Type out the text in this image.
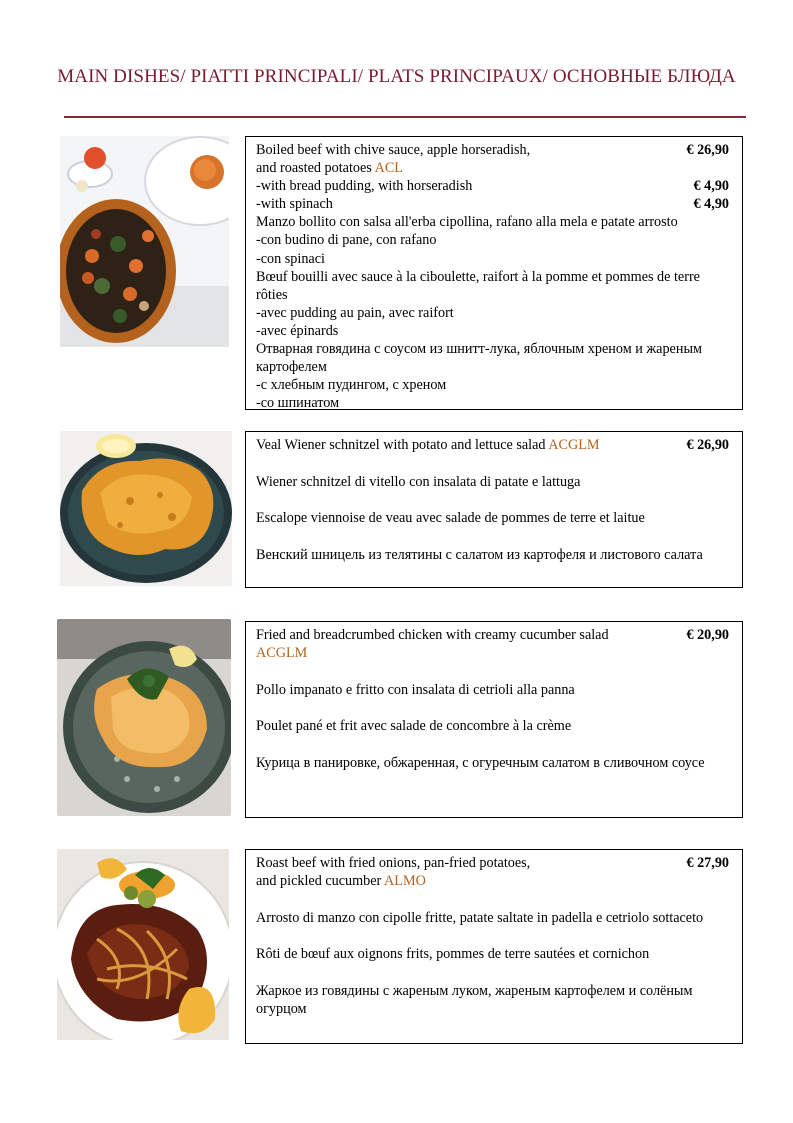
MAIN DISHES/ PIATTI PRINCIPALI/ PLATS PRINCIPAUX/ ОСНОВНЫЕ БЛЮДА
Boiled beef with chive sauce, apple horseradish,	€ 26,90
and roasted potatoes ACL
-with bread pudding, with horseradish	€ 4,90
-with spinach	€ 4,90
Manzo bollito con salsa all'erba cipollina, rafano alla mela e patate arrosto
-con budino di pane, con rafano
-con spinaci
Bœuf bouilli avec sauce à la ciboulette, raifort à la pomme et pommes de terre rôties
-avec pudding au pain, avec raifort
-avec épinards
Отварная говядина с соусом из шнитт-лука, яблочным хреном и жареным картофелем
-с хлебным пудингом, с хреном
-со шпинатом
Veal Wiener schnitzel with potato and lettuce salad ACGLM	€ 26,90
Wiener schnitzel di vitello con insalata di patate e lattuga
Escalope viennoise de veau avec salade de pommes de terre et laitue
Венский шницель из телятины с салатом из картофеля и листового салата
Fried and breadcrumbed chicken with creamy cucumber salad	€ 20,90
ACGLM
Pollo impanato e fritto con insalata di cetrioli alla panna
Poulet pané et frit avec salade de concombre à la crème
Курица в панировке, обжаренная, с огуречным салатом в сливочном соусе
Roast beef with fried onions, pan-fried potatoes,	€ 27,90
and pickled cucumber ALMO
Arrosto di manzo con cipolle fritte, patate saltate in padella e cetriolo sottaceto
Rôti de bœuf aux oignons frits, pommes de terre sautées et cornichon
Жаркое из говядины с жареным луком, жареным картофелем и солёным огурцом
